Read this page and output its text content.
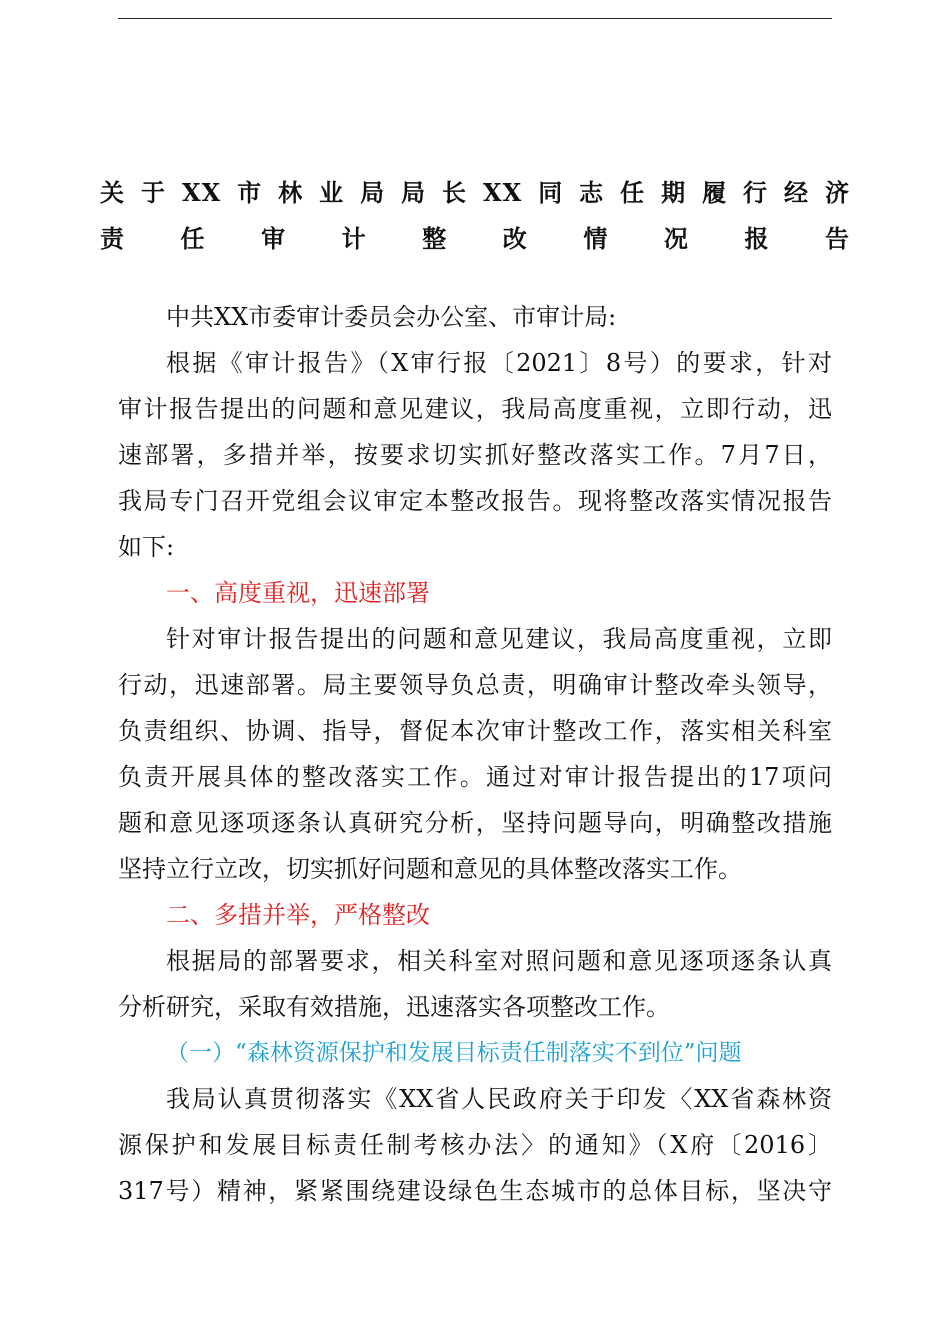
关于XX市林业局局长XX同志任期履行经济
责任审计整改情况报告
中共XX市委审计委员会办公室、市审计局:
根据《审计报告》（X审行报〔2021〕8号）的要求，针对
审计报告提出的问题和意见建议，我局高度重视，立即行动，迅
速部署，多措并举，按要求切实抓好整改落实工作。7月7日，
我局专门召开党组会议审定本整改报告。现将整改落实情况报告
如下:
一、高度重视，迅速部署
针对审计报告提出的问题和意见建议，我局高度重视，立即
行动，迅速部署。局主要领导负总责，明确审计整改牵头领导，
负责组织、协调、指导，督促本次审计整改工作，落实相关科室
负责开展具体的整改落实工作。通过对审计报告提出的17项问
题和意见逐项逐条认真研究分析，坚持问题导向，明确整改措施
坚持立行立改，切实抓好问题和意见的具体整改落实工作。
二、多措并举，严格整改
根据局的部署要求，相关科室对照问题和意见逐项逐条认真
分析研究，采取有效措施，迅速落实各项整改工作。
（一）“森林资源保护和发展目标责任制落实不到位”问题
我局认真贯彻落实《XX省人民政府关于印发〈XX省森林资
源保护和发展目标责任制考核办法〉的通知》（X府〔2016〕
317号）精神，紧紧围绕建设绿色生态城市的总体目标，坚决守
